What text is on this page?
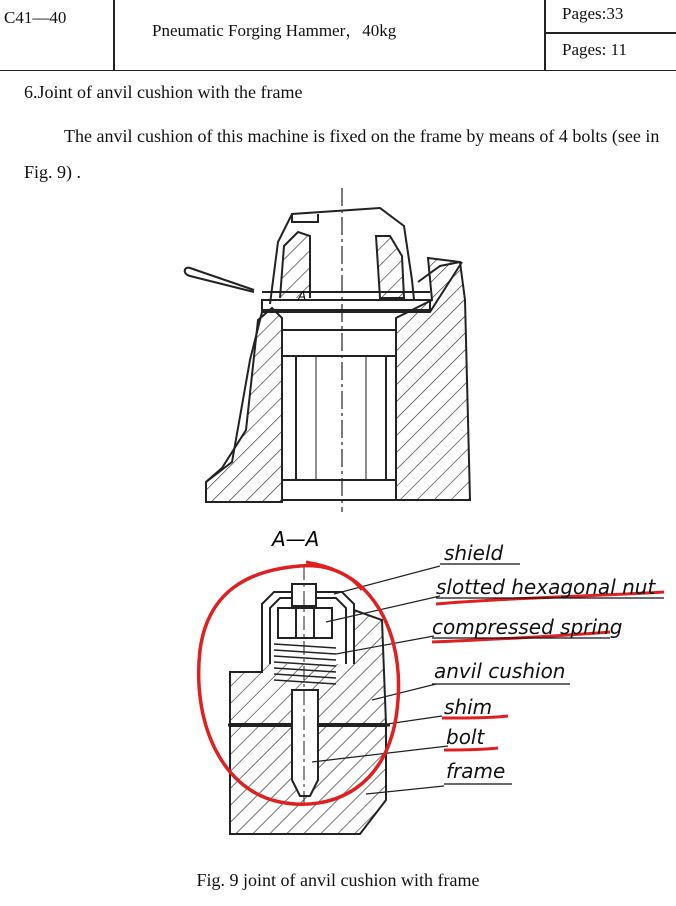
C41—40
Pneumatic Forging Hammer，40kg
Pages:33
Pages: 11
6.Joint of anvil cushion with the frame
The anvil cushion of this machine is fixed on the frame by means of 4 bolts (see in Fig. 9) .
A
A—A
shield
slotted hexagonal nut
compressed spring
anvil cushion
shim
bolt
frame
Fig. 9 joint of anvil cushion with frame
